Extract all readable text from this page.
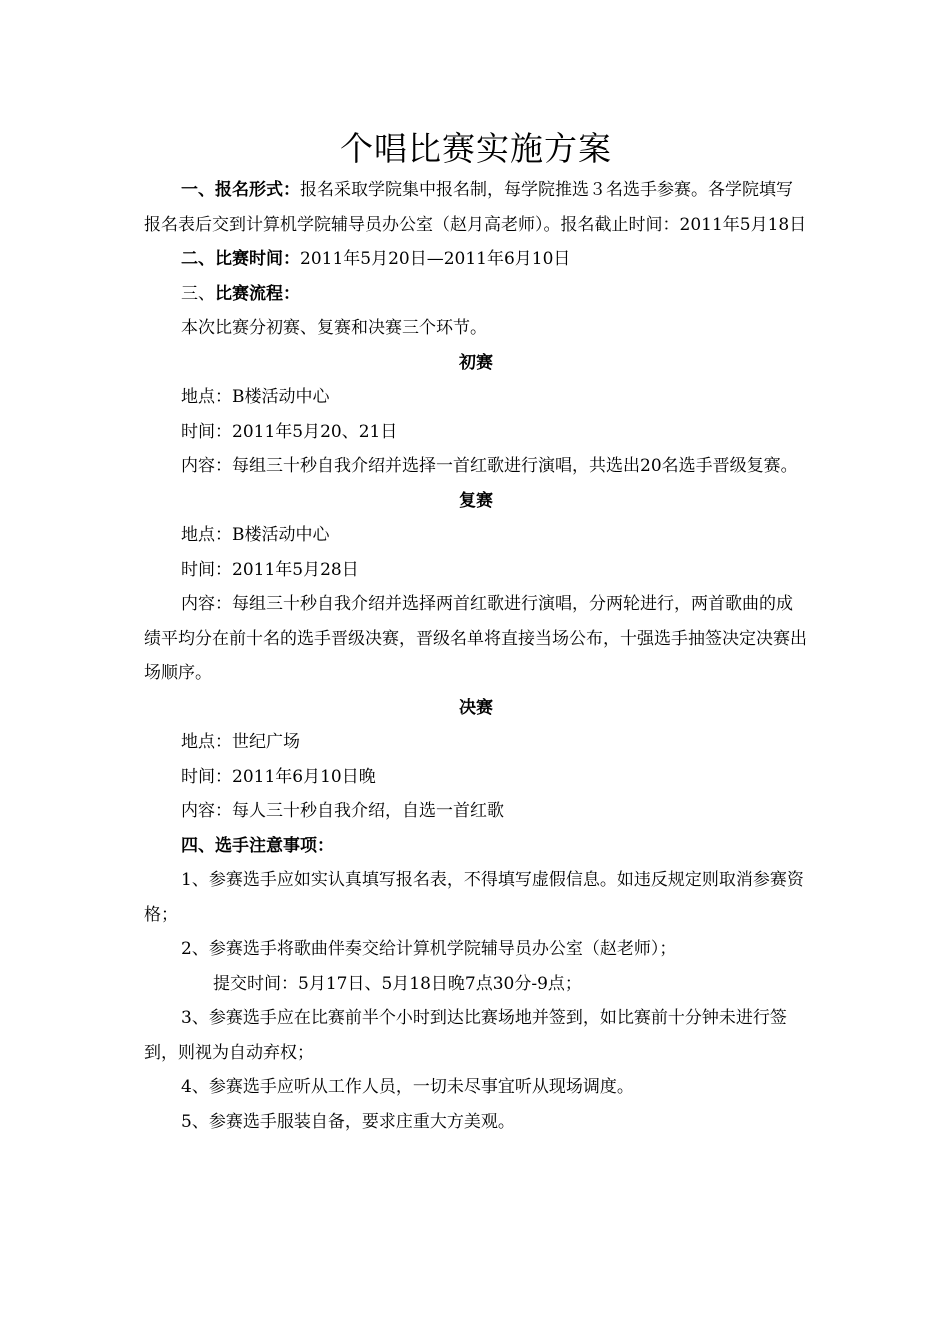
个唱比赛实施方案

一、报名形式：报名采取学院集中报名制，每学院推选３名选手参赛。各学院填写报名表后交到计算机学院辅导员办公室（赵月高老师）。报名截止时间：2011年5月18日

二、比赛时间：2011年5月20日—2011年6月10日

三、比赛流程：

本次比赛分初赛、复赛和决赛三个环节。

初赛

地点：B楼活动中心

时间：2011年5月20、21日

内容：每组三十秒自我介绍并选择一首红歌进行演唱，共选出20名选手晋级复赛。

复赛

地点：B楼活动中心

时间：2011年5月28日

内容：每组三十秒自我介绍并选择两首红歌进行演唱，分两轮进行，两首歌曲的成绩平均分在前十名的选手晋级决赛，晋级名单将直接当场公布，十强选手抽签决定决赛出场顺序。

决赛

地点：世纪广场

时间：2011年6月10日晚

内容：每人三十秒自我介绍，自选一首红歌

四、选手注意事项：

1、参赛选手应如实认真填写报名表，不得填写虚假信息。如违反规定则取消参赛资格；

2、参赛选手将歌曲伴奏交给计算机学院辅导员办公室（赵老师）；

提交时间：5月17日、5月18日晚7点30分-9点；

3、参赛选手应在比赛前半个小时到达比赛场地并签到，如比赛前十分钟未进行签到，则视为自动弃权；

4、参赛选手应听从工作人员，一切未尽事宜听从现场调度。

5、参赛选手服装自备，要求庄重大方美观。
